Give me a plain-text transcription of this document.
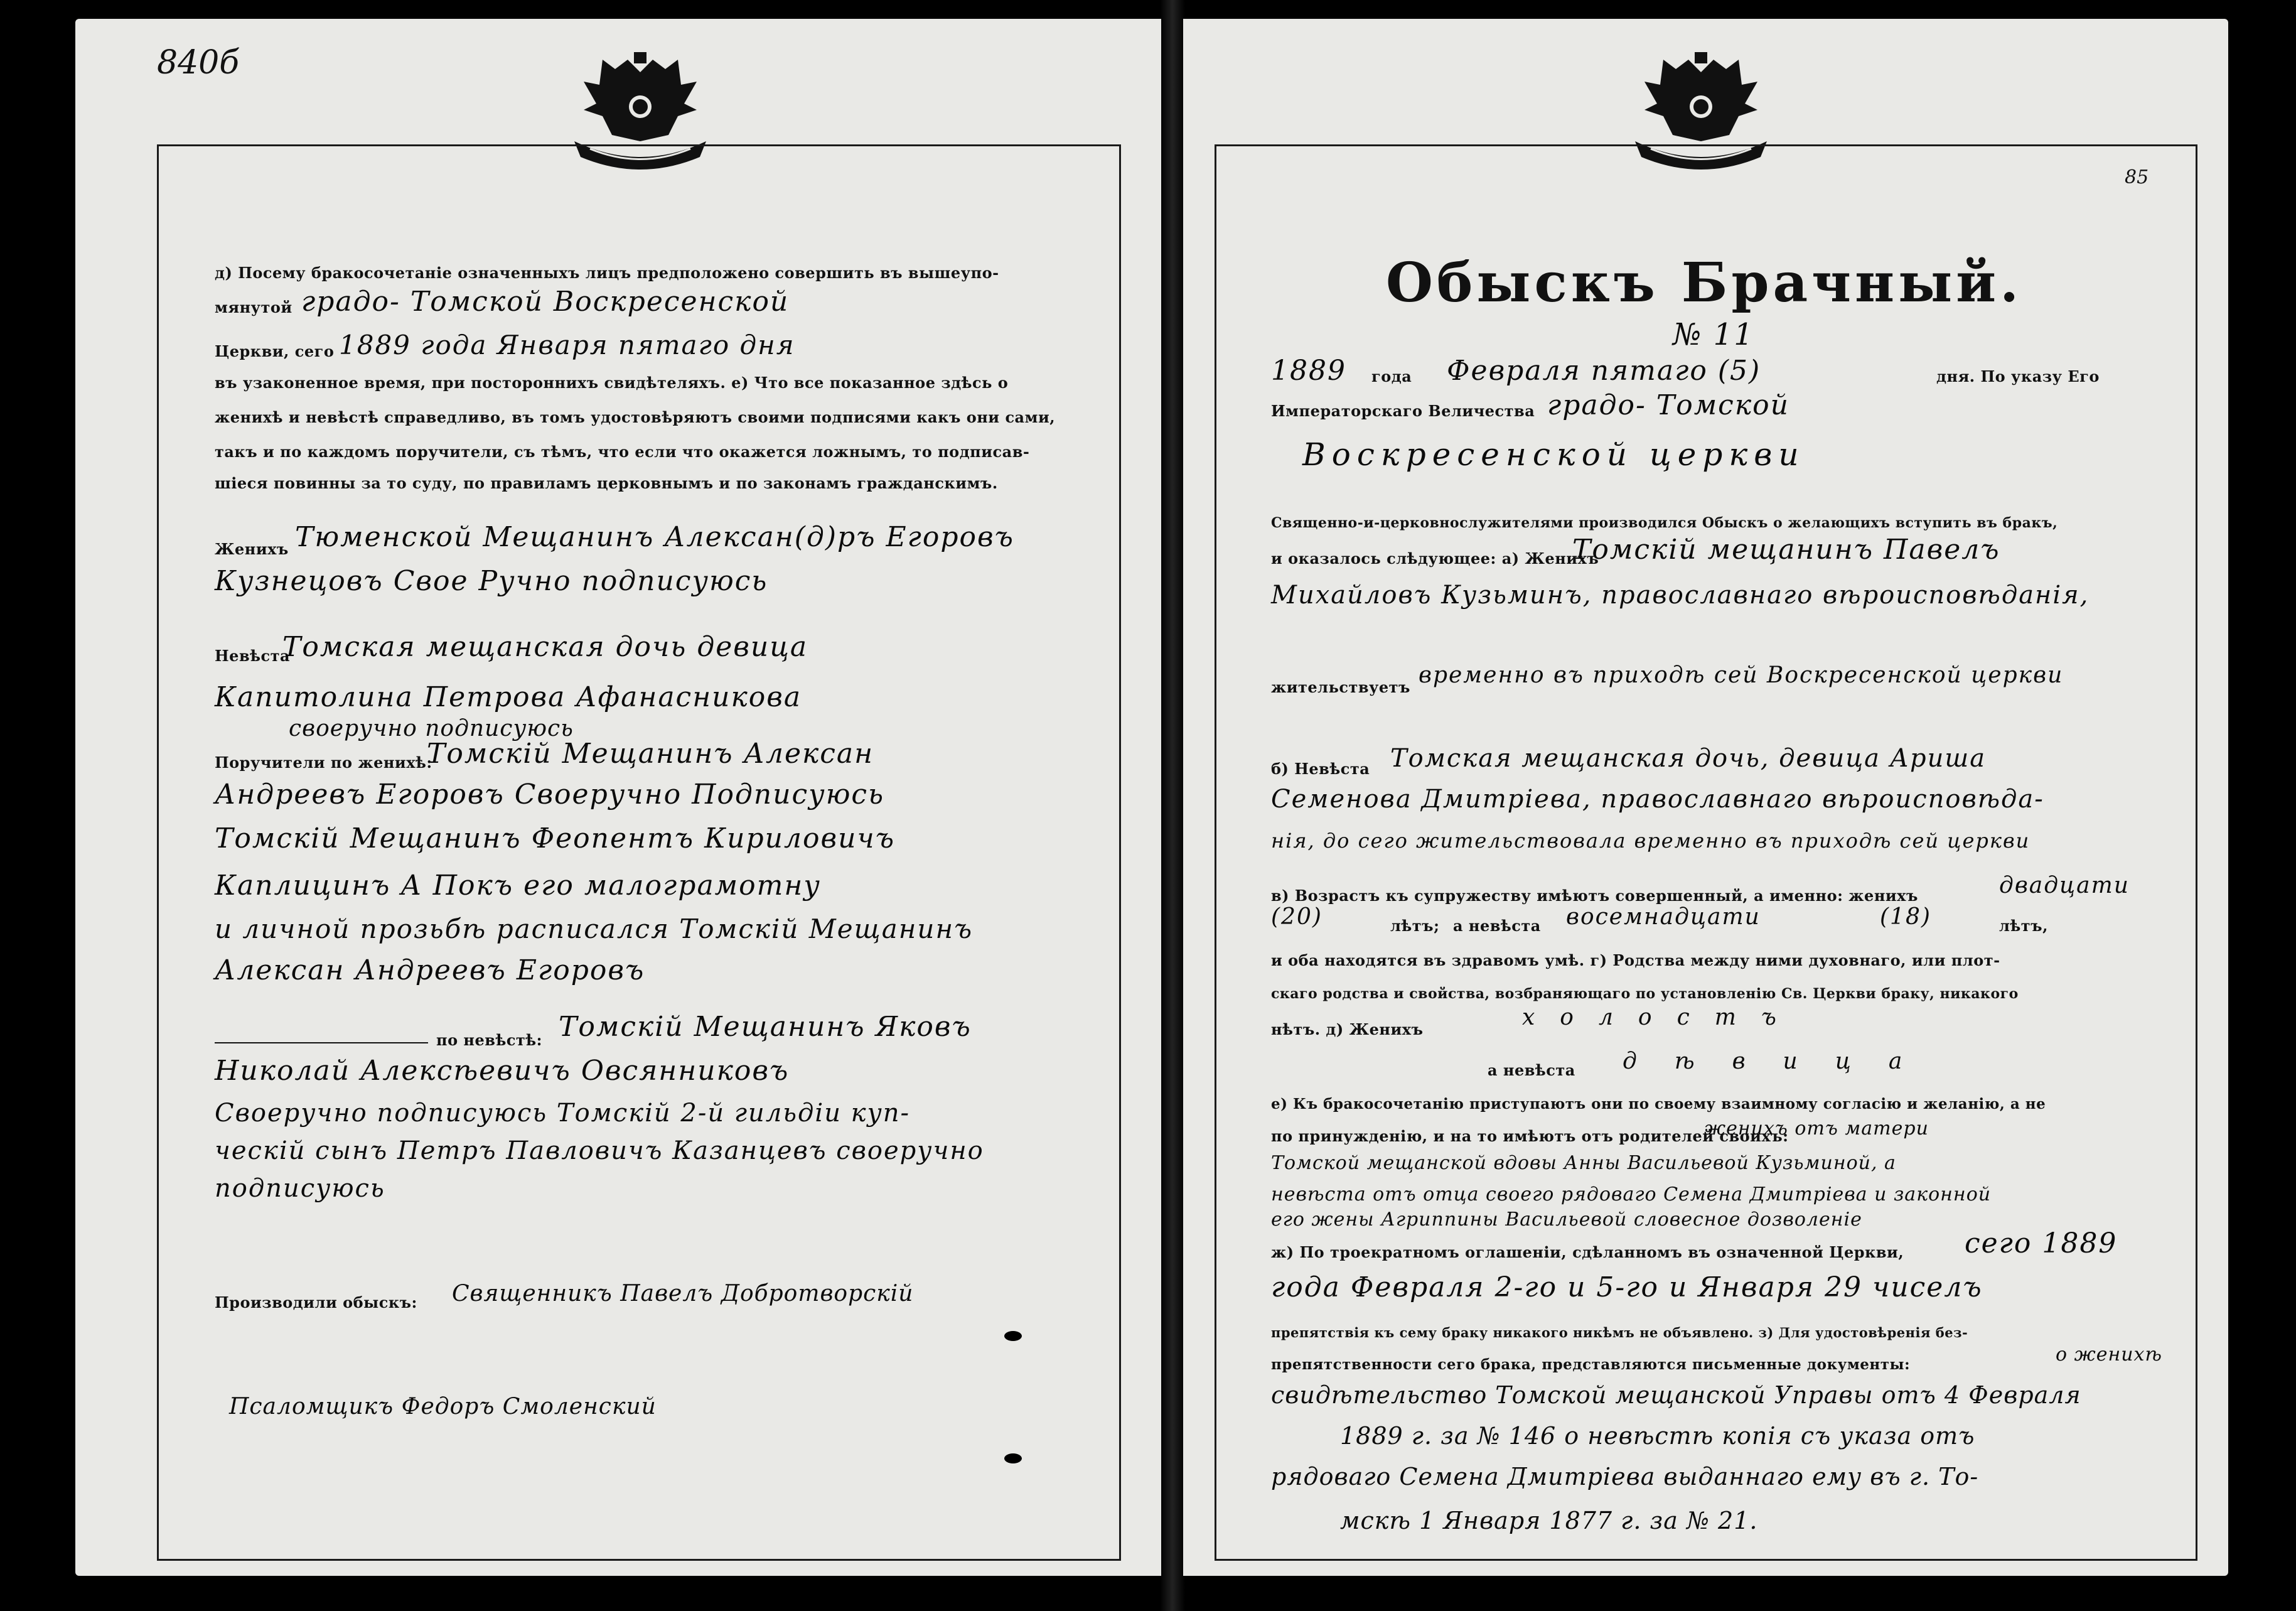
840б
д) Посему бракосочетаніе означенныхъ лицъ предположено совершить въ вышеупо-
мянутой градо- Томской Воскресенской
Церкви, сего 1889 года Января пятаго дня
въ узаконенное время, при постороннихъ свидѣтеляхъ. е) Что все показанное здѣсь о
женихѣ и невѣстѣ справедливо, въ томъ удостовѣряютъ своими подписями какъ они сами,
такъ и по каждомъ поручители, съ тѣмъ, что если что окажется ложнымъ, то подписав-
шіеся повинны за то суду, по правиламъ церковнымъ и по законамъ гражданскимъ.
Женихъ Тюменской Мещанинъ Алексан(д)ръ Егоровъ
Кузнецовъ Свое Ручно подписуюсь
Невѣста
Томская мещанская дочь девица
Капитолина Петрова Афанасникова
своеручно подписуюсь
Поручители по женихѣ:
Томскій Мещанинъ Алексан
Андреевъ Егоровъ Своеручно Подписуюсь
Томскій Мещанинъ Феопентъ Кириловичъ
Каплицинъ А Покъ его малограмотну
и личной прозьбѣ расписался Томскій Мещанинъ
Алексан Андреевъ Егоровъ
по невѣстѣ: Томскій Мещанинъ Яковъ
Николай Алексѣевичъ Овсянниковъ
Своеручно подписуюсь Томскій 2-й гильдіи куп-
ческій сынъ Петръ Павловичъ Казанцевъ своеручно
подписуюсь
Производили обыскъ: Священникъ Павелъ Добротворскій
Псаломщикъ Федоръ Смоленский
85
Обыскъ Брачный.
№ 11
1889 года Февраля пятаго (5)	дня. По указу Его
Императорскаго Величества градо- Томской
Воскресенской церкви
Священно-и-церковнослужителями производился Обыскъ о желающихъ вступить въ бракъ,
и оказалось слѣдующее: а) Женихъ
Томскій мещанинъ Павелъ
Михайловъ Кузьминъ, православнаго вѣроисповѣданія,
жительствуетъ временно въ приходѣ сей Воскресенской церкви
б) Невѣста Томская мещанская дочь, девица Ариша
Семенова Дмитріева, православнаго вѣроисповѣда-
нія, до сего жительствовала временно въ приходѣ сей церкви
в) Возрастъ къ супружеству имѣютъ совершенный, а именно: женихъ	двадцати
(20)	лѣтъ; а невѣста восемнадцати	(18)	лѣтъ,
и оба находятся въ здравомъ умѣ. г) Родства между ними духовнаго, или плот-
скаго родства и свойства, возбраняющаго по установленію Св. Церкви браку, никакого
нѣтъ. д) Женихъ	холостъ
а невѣста дѣвица
е) Къ бракосочетанію приступаютъ они по своему взаимному согласію и желанію, а не
по принужденію, и на то имѣютъ отъ родителей своихъ:
женихъ отъ матери
Томской мещанской вдовы Анны Васильевой Кузьминой, а
невѣста отъ отца своего рядоваго Семена Дмитріева и законной
его жены Агриппины Васильевой словесное дозволеніе
ж) По троекратномъ оглашеніи, сдѣланномъ въ означенной Церкви, сего 1889
года Февраля 2-го и 5-го и Января 29 чиселъ
препятствія къ сему браку никакого никѣмъ не объявлено. з) Для удостовѣренія без-
препятственности сего брака, представляются письменные документы:	о женихѣ
свидѣтельство Томской мещанской Управы отъ 4 Февраля
1889 г. за № 146 о невѣстѣ копія съ указа отъ
рядоваго Семена Дмитріева выданнаго ему въ г. То-
мскѣ 1 Января 1877 г. за № 21.
